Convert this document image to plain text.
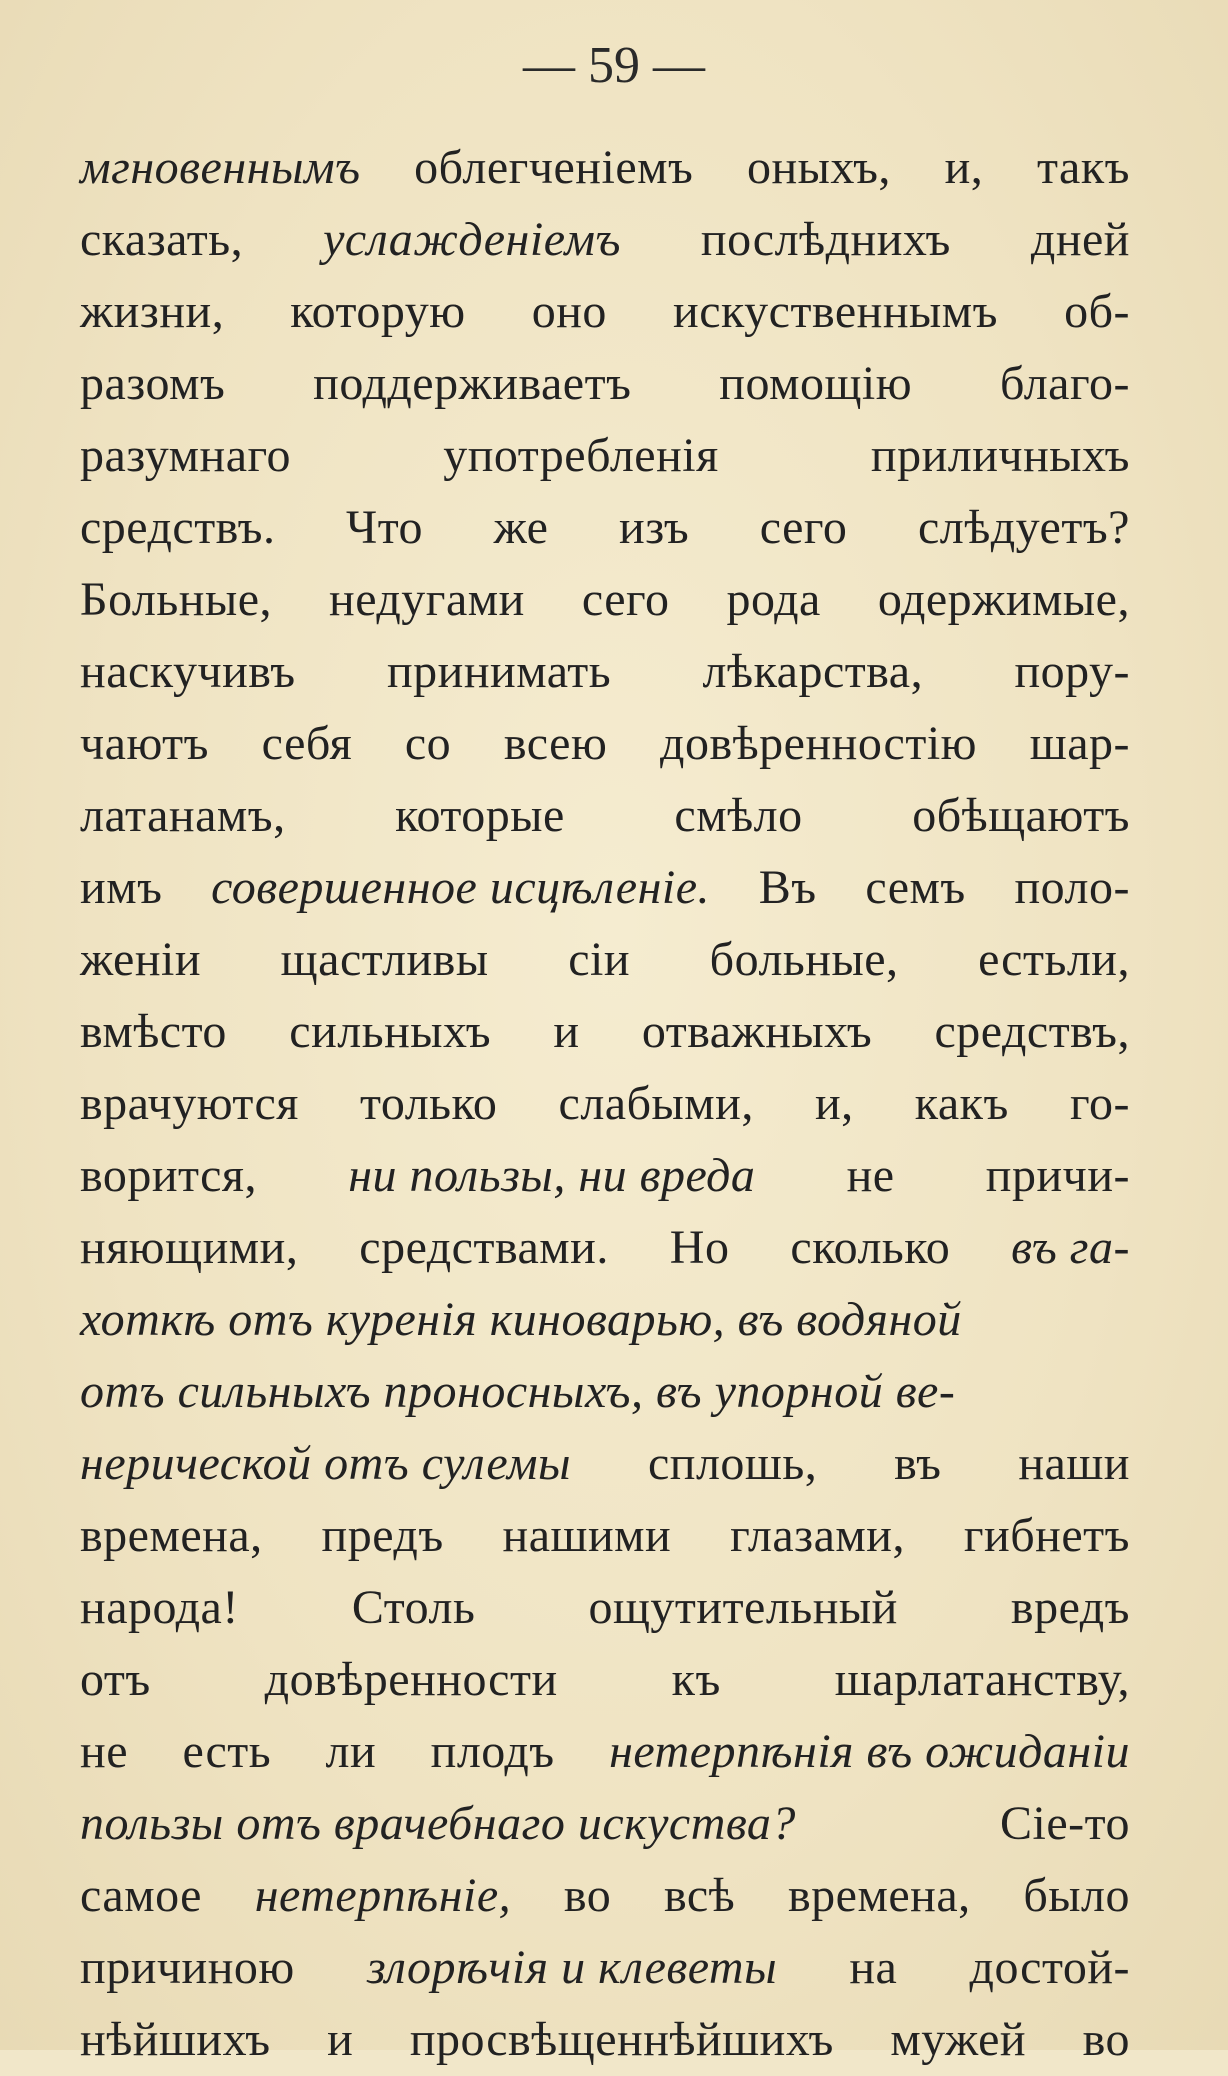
— 59 —
мгновеннымъ облегченіемъ оныхъ, и, такъ
сказать, услажденіемъ послѣднихъ дней
жизни, которую оно искуственнымъ об-
разомъ поддерживаетъ помощію благо-
разумнаго	употребленія	приличныхъ
средствъ. Что же изъ сего слѣдуетъ?
Больные, недугами сего рода одержимые,
наскучивъ принимать лѣкарства, пору-
чаютъ себя со всею довѣренностію шар-
латанамъ, которые смѣло обѣщаютъ
имъ совершенное исцѣленіе. Въ семъ поло-
женіи щастливы сіи больные, естьли,
вмѣсто сильныхъ и отважныхъ средствъ,
врачуются только слабыми, и, какъ го-
ворится, ни пользы, ни вреда не причи-
няющими, средствами. Но сколько въ га-
хоткѣ отъ куренія киноварью, въ водяной
отъ сильныхъ проносныхъ, въ упорной ве-
нерической отъ сулемы сплошь, въ наши
времена, предъ нашими глазами, гибнетъ
народа! Столь ощутительный вредъ
отъ довѣренности къ шарлатанству,
не есть ли плодъ нетерпѣнія въ ожиданіи
пользы отъ врачебнаго искуства?	Сіе-то
самое нетерпѣніе, во всѣ времена, было
причиною злорѣчія и клеветы на достой-
нѣйшихъ и просвѣщеннѣйшихъ мужей во
